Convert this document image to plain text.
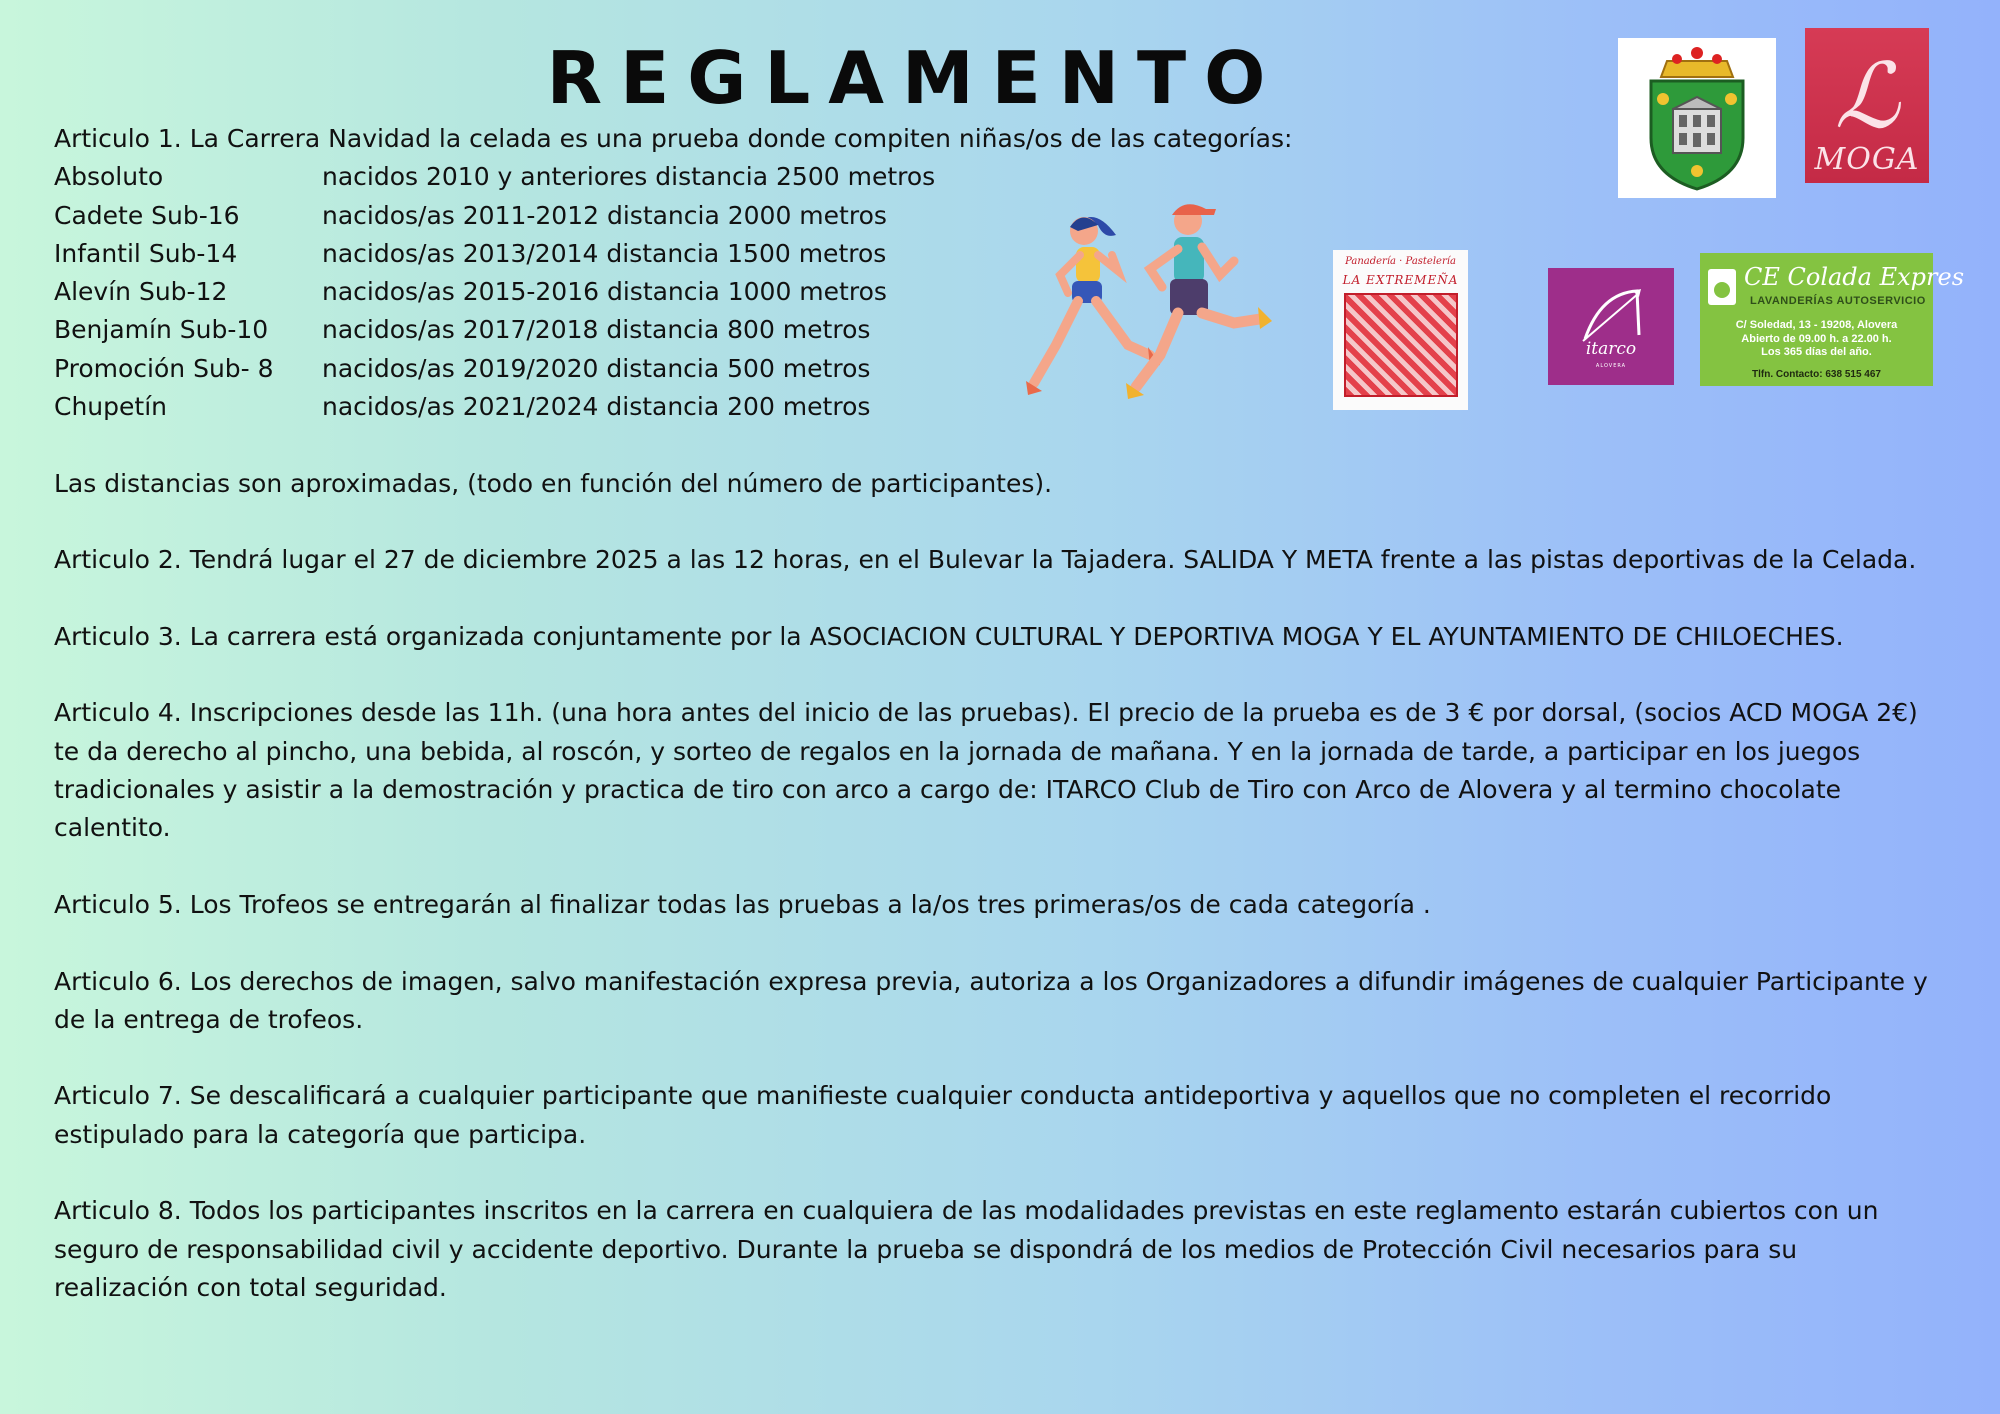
REGLAMENTO	ℒ
MOGA
Panadería · Pastelería
LA EXTREMEÑA
itarco
ALOVERA
CE Colada Expres
LAVANDERÍAS AUTOSERVICIO
C/ Soledad, 13 - 19208, Alovera
Abierto de 09.00 h. a 22.00 h.
Los 365 días del año.
Tlfn. Contacto: 638 515 467

Articulo 1. La Carrera Navidad la celada es una prueba donde compiten niñas/os de las categorías:

Absoluto	nacidos 2010 y anteriores distancia 2500 metros
Cadete Sub-16	nacidos/as 2011-2012 distancia 2000 metros
Infantil Sub-14	nacidos/as 2013/2014 distancia 1500 metros
Alevín Sub-12	nacidos/as 2015-2016 distancia 1000 metros
Benjamín Sub-10	nacidos/as 2017/2018 distancia 800 metros
Promoción Sub- 8	nacidos/as 2019/2020 distancia 500 metros
Chupetín	nacidos/as 2021/2024 distancia 200 metros

Las distancias son aproximadas, (todo en función del número de participantes).

Articulo 2. Tendrá lugar el 27 de diciembre 2025 a las 12 horas, en el Bulevar la Tajadera. SALIDA Y META frente a las pistas deportivas de la Celada.

Articulo 3. La carrera está organizada conjuntamente por la ASOCIACION CULTURAL Y DEPORTIVA MOGA Y EL AYUNTAMIENTO DE CHILOECHES.

Articulo 4. Inscripciones desde las 11h. (una hora antes del inicio de las pruebas). El precio de la prueba es de 3 € por dorsal, (socios ACD MOGA 2€) te da derecho al pincho, una bebida, al roscón, y sorteo de regalos en la jornada de mañana. Y en la jornada de tarde, a participar en los juegos tradicionales y asistir a la demostración y practica de tiro con arco a cargo de: ITARCO Club de Tiro con Arco de Alovera y al termino chocolate calentito.

Articulo 5. Los Trofeos se entregarán al finalizar todas las pruebas a la/os tres primeras/os de cada categoría .

Articulo 6. Los derechos de imagen, salvo manifestación expresa previa, autoriza a los Organizadores a difundir imágenes de cualquier Participante y de la entrega de trofeos.

Articulo 7. Se descalificará a cualquier participante que manifieste cualquier conducta antideportiva y aquellos que no completen el recorrido estipulado para la categoría que participa.

Articulo 8. Todos los participantes inscritos en la carrera en cualquiera de las modalidades previstas en este reglamento estarán cubiertos con un seguro de responsabilidad civil y accidente deportivo. Durante la prueba se dispondrá de los medios de Protección Civil necesarios para su realización con total seguridad.
